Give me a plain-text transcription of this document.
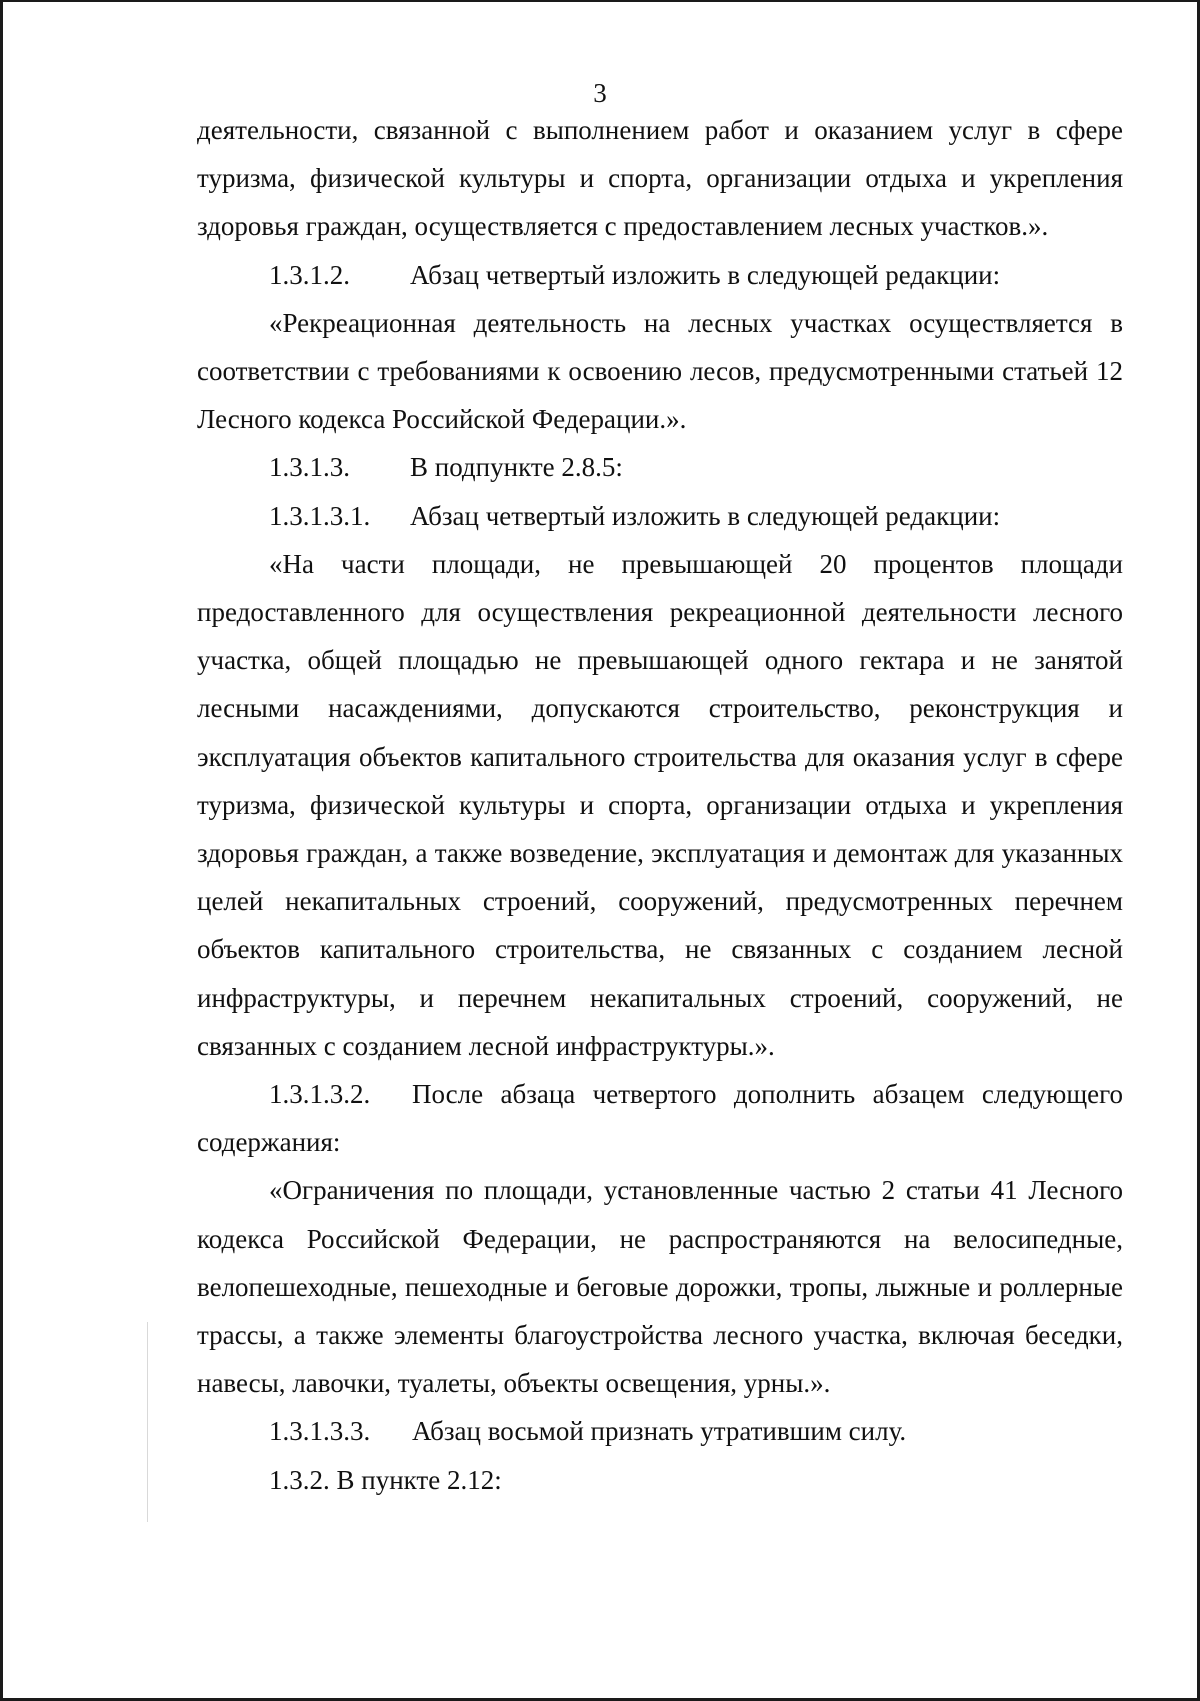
3

деятельности, связанной с выполнением работ и оказанием услуг в сфере туризма, физической культуры и спорта, организации отдыха и укрепления здоровья граждан, осуществляется с предоставлением лесных участков.».

1.3.1.2.	Абзац четвертый изложить в следующей редакции:

«Рекреационная деятельность на лесных участках осуществляется в соответствии с требованиями к освоению лесов, предусмотренными статьей 12 Лесного кодекса Российской Федерации.».

1.3.1.3.	В подпункте 2.8.5:

1.3.1.3.1.	Абзац четвертый изложить в следующей редакции:

«На части площади, не превышающей 20 процентов площади предоставленного для осуществления рекреационной деятельности лесного участка, общей площадью не превышающей одного гектара и не занятой лесными насаждениями, допускаются строительство, реконструкция и эксплуатация объектов капитального строительства для оказания услуг в сфере туризма, физической культуры и спорта, организации отдыха и укрепления здоровья граждан, а также возведение, эксплуатация и демонтаж для указанных целей некапитальных строений, сооружений, предусмотренных перечнем объектов капитального строительства, не связанных с созданием лесной инфраструктуры, и перечнем некапитальных строений, сооружений, не связанных с созданием лесной инфраструктуры.».

1.3.1.3.2.	После абзаца четвертого дополнить абзацем следующего

содержания:

«Ограничения по площади, установленные частью 2 статьи 41 Лесного кодекса Российской Федерации, не распространяются на велосипедные, велопешеходные, пешеходные и беговые дорожки, тропы, лыжные и роллерные трассы, а также элементы благоустройства лесного участка, включая беседки, навесы, лавочки, туалеты, объекты освещения, урны.».

1.3.1.3.3.	Абзац восьмой признать утратившим силу.

1.3.2. В пункте 2.12:
